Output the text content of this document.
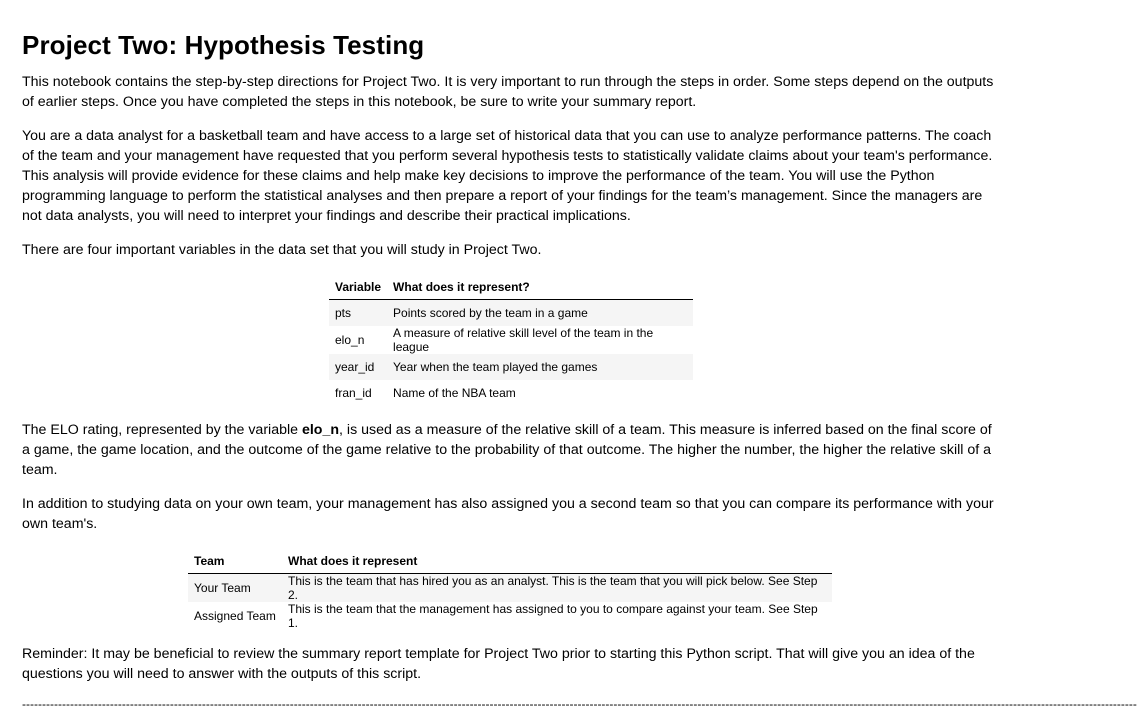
Project Two: Hypothesis Testing

This notebook contains the step-by-step directions for Project Two. It is very important to run through the steps in order. Some steps depend on the outputs of earlier steps. Once you have completed the steps in this notebook, be sure to write your summary report.

You are a data analyst for a basketball team and have access to a large set of historical data that you can use to analyze performance patterns. The coach of the team and your management have requested that you perform several hypothesis tests to statistically validate claims about your team's performance. This analysis will provide evidence for these claims and help make key decisions to improve the performance of the team. You will use the Python programming language to perform the statistical analyses and then prepare a report of your findings for the team’s management. Since the managers are not data analysts, you will need to interpret your findings and describe their practical implications.

There are four important variables in the data set that you will study in Project Two.

Variable	What does it represent?
pts	Points scored by the team in a game
elo_n	A measure of relative skill level of the team in the league
year_id	Year when the team played the games
fran_id	Name of the NBA team

The ELO rating, represented by the variable elo_n, is used as a measure of the relative skill of a team. This measure is inferred based on the final score of a game, the game location, and the outcome of the game relative to the probability of that outcome. The higher the number, the higher the relative skill of a team.

In addition to studying data on your own team, your management has also assigned you a second team so that you can compare its performance with your own team's.

Team	What does it represent
Your Team	This is the team that has hired you as an analyst. This is the team that you will pick below. See Step 2.
Assigned Team	This is the team that the management has assigned to you to compare against your team. See Step 1.

Reminder: It may be beneficial to review the summary report template for Project Two prior to starting this Python script. That will give you an idea of the questions you will need to answer with the outputs of this script.

---------------------------------------------------------------------------------------------------------------------------------------------------------------------------------------------------------------------------------------------------------------------------------------
